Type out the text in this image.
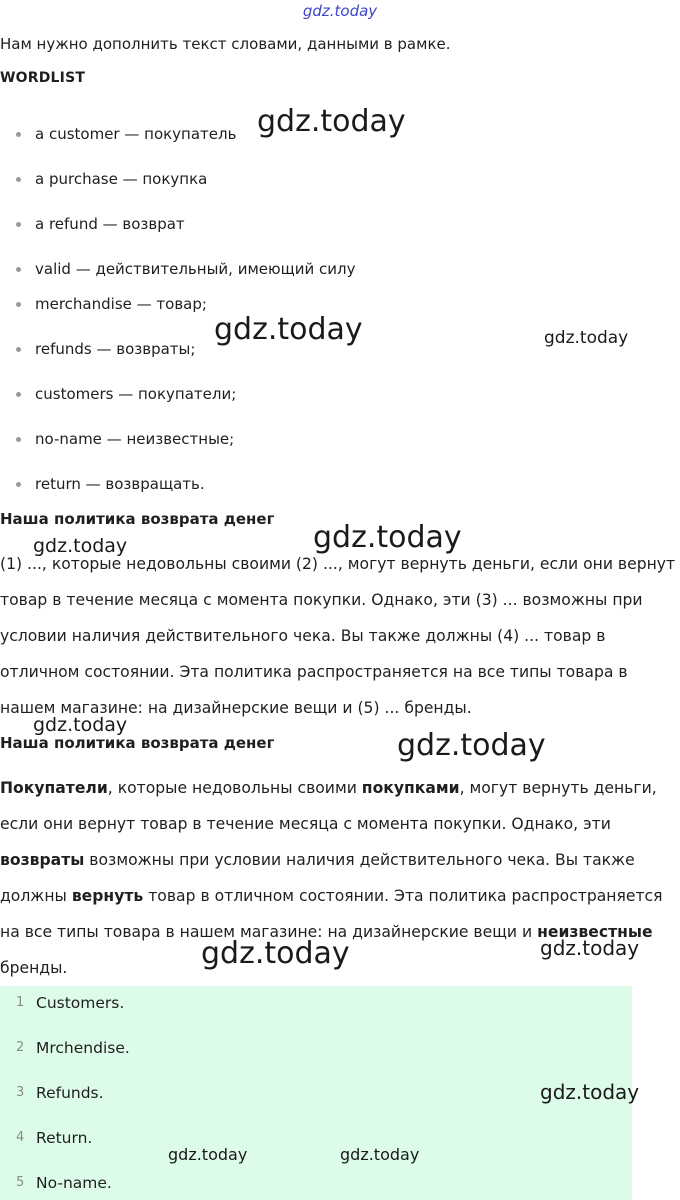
gdz.today
Нам нужно дополнить текст словами, данными в рамке.
WORDLIST
a customer — покупатель
a purchase — покупка
a refund — возврат
valid — действительный, имеющий силу
merchandise — товар;
refunds — возвраты;
customers — покупатели;
no-name — неизвестные;
return — возвращать.
Наша политика возврата денег
(1) ..., которые недовольны своими (2) ..., могут вернуть деньги, если они вернут
товар в течение месяца с момента покупки. Однако, эти (3) ... возможны при
условии наличия действительного чека. Вы также должны (4) ... товар в
отличном состоянии. Эта политика распространяется на все типы товара в
нашем магазине: на дизайнерские вещи и (5) ... бренды.
Наша политика возврата денег
Покупатели, которые недовольны своими покупками, могут вернуть деньги,
если они вернут товар в течение месяца с момента покупки. Однако, эти
возвраты возможны при условии наличия действительного чека. Вы также
должны вернуть товар в отличном состоянии. Эта политика распространяется
на все типы товара в нашем магазине: на дизайнерские вещи и неизвестные
бренды.
1 Customers.
2 Mrchendise.
3 Refunds.
4 Return.
5 No-name.
gdz.today
gdz.today	gdz.today
gdz.today
gdz.today
gdz.today
gdz.today
gdz.today	gdz.today
gdz.today
gdz.today	gdz.today
